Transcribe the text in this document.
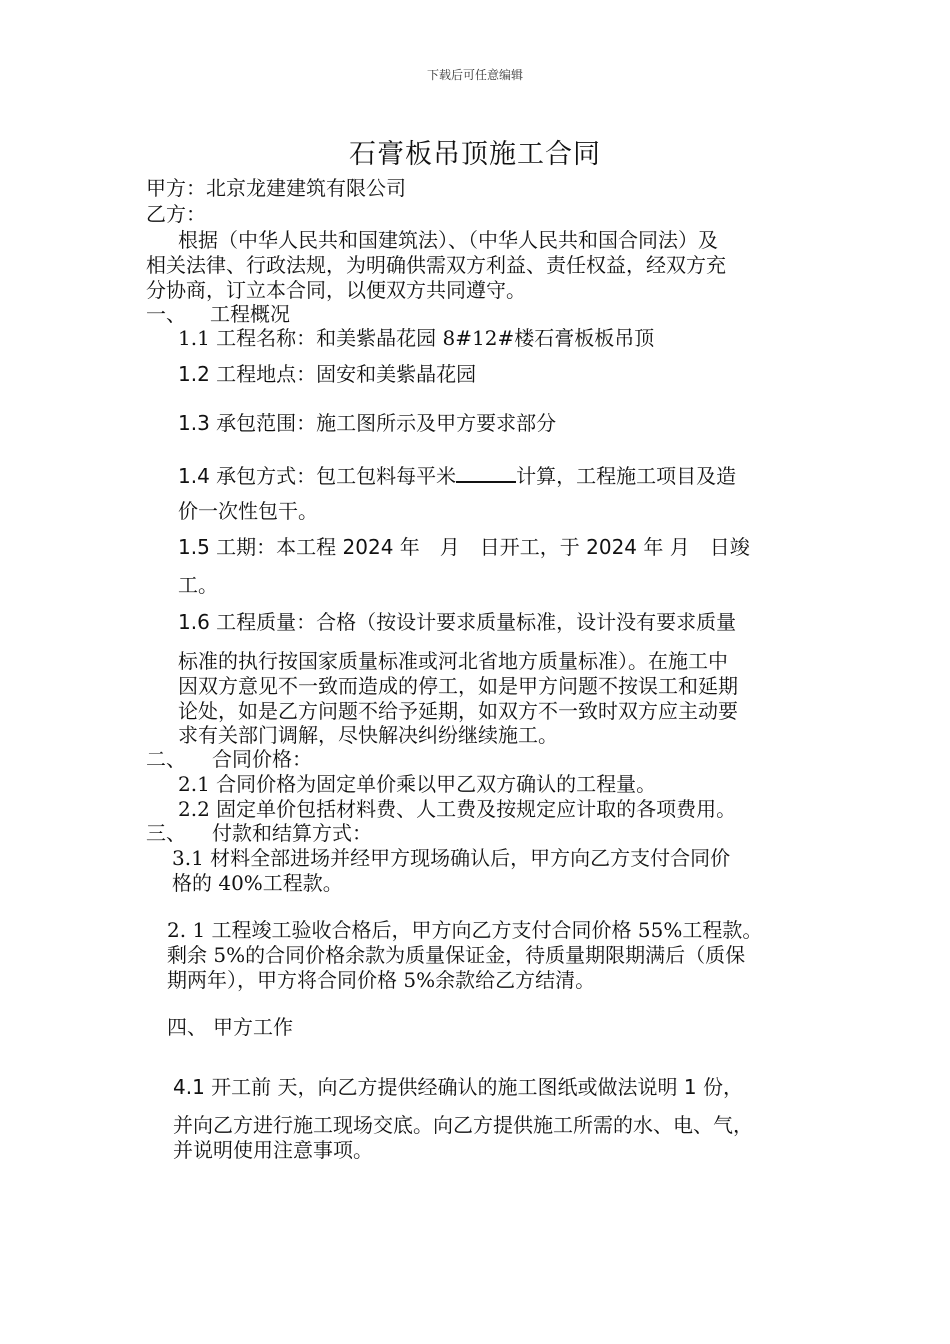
下载后可任意编辑
石膏板吊顶施工合同
甲方：北京龙建建筑有限公司
乙方：
根据（中华人民共和国建筑法）、（中华人民共和国合同法）及
相关法律、行政法规，为明确供需双方利益、责任权益，经双方充
分协商，订立本合同，以便双方共同遵守。
一、 工程概况
1.1 工程名称：和美紫晶花园 8#12#楼石膏板板吊顶
1.2 工程地点：固安和美紫晶花园
1.3 承包范围：施工图所示及甲方要求部分
1.4 承包方式：包工包料每平米	计算，工程施工项目及造
价一次性包干。
1.5 工期：本工程 2024 年　月　日开工，于 2024 年 月　日竣
工。
1.6 工程质量：合格（按设计要求质量标准，设计没有要求质量
标准的执行按国家质量标准或河北省地方质量标准）。在施工中
因双方意见不一致而造成的停工，如是甲方问题不按误工和延期
论处，如是乙方问题不给予延期，如双方不一致时双方应主动要
求有关部门调解，尽快解决纠纷继续施工。
二、 合同价格：
2.1 合同价格为固定单价乘以甲乙双方确认的工程量。
2.2 固定单价包括材料费、人工费及按规定应计取的各项费用。
三、 付款和结算方式：
3.1 材料全部进场并经甲方现场确认后，甲方向乙方支付合同价
格的 40%工程款。
2. 1 工程竣工验收合格后，甲方向乙方支付合同价格 55%工程款。
剩余 5%的合同价格余款为质量保证金，待质量期限期满后（质保
期两年），甲方将合同价格 5%余款给乙方结清。
四、 甲方工作
4.1 开工前 天，向乙方提供经确认的施工图纸或做法说明 1 份，
并向乙方进行施工现场交底。向乙方提供施工所需的水、电、气，
并说明使用注意事项。
